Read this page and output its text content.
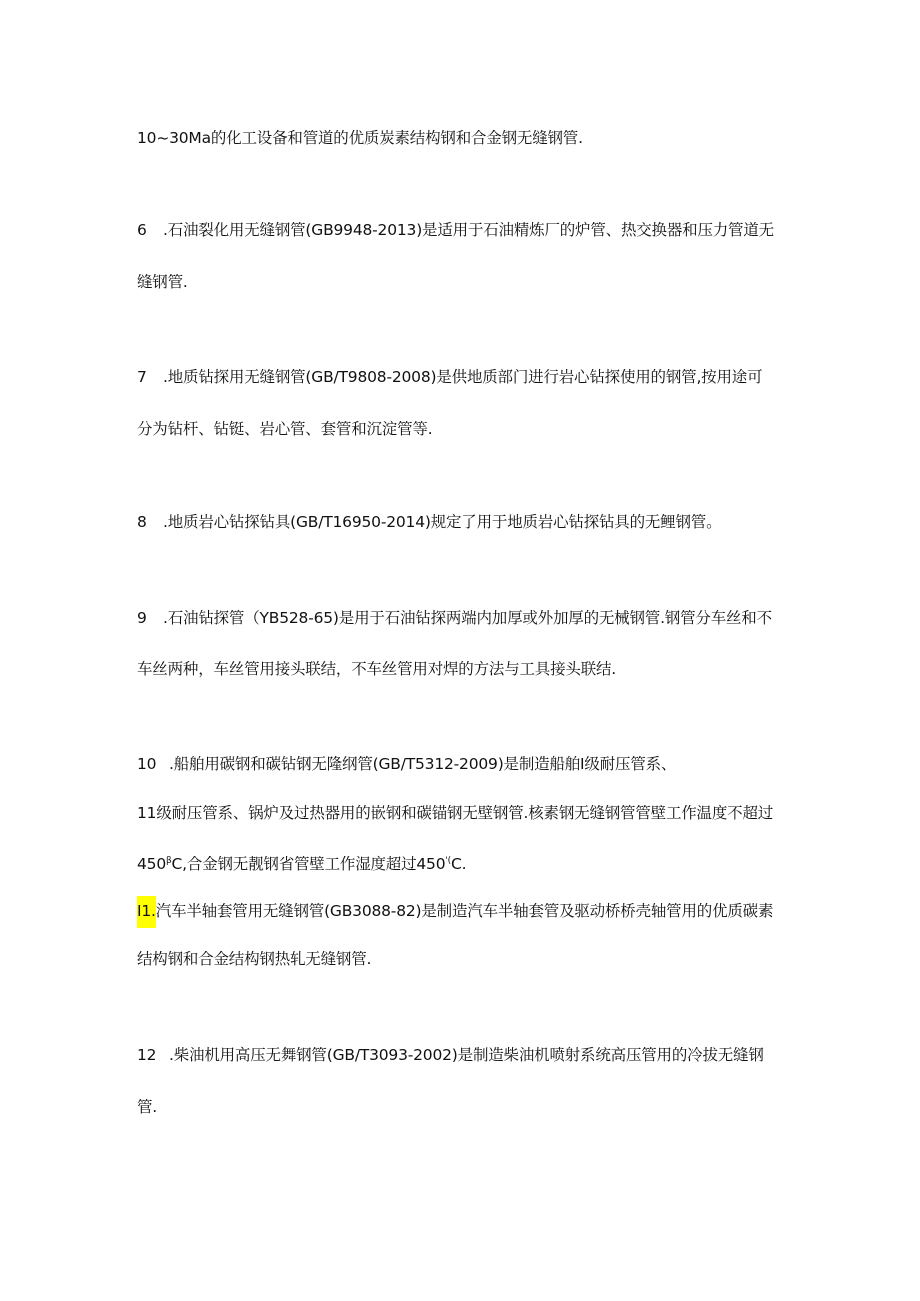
10~30Ma的化工设备和管道的优质炭素结构钢和合金钢无缝钢管.
6 .石油裂化用无缝钢管(GB9948-2013)是适用于石油精炼厂的炉管、热交换器和压力管道无
缝钢管.
7 .地质钻探用无缝钢管(GB/T9808-2008)是供地质部门进行岩心钻探使用的钢管,按用途可
分为钻杆、钻铤、岩心管、套管和沉淀管等.
8 .地质岩心钻探钻具(GB/T16950-2014)规定了用于地质岩心钻探钻具的无鲤钢管。
9 .石油钻探管（YB528-65)是用于石油钻探两端内加厚或外加厚的无械钢管.钢管分车丝和不
车丝两种，车丝管用接头联结，不车丝管用对焊的方法与工具接头联结.
10 .船舶用碳钢和碳钻钢无隆纲管(GB/T5312-2009)是制造船舶I级耐压管系、
11级耐压管系、锅炉及过热器用的嵌钢和碳锚钢无壁钢管.核素钢无缝钢管管壁工作温度不超过
$450^\beta C$,合金钢无靓钢省管壁工作湿度超过450'(C.
I1.汽车半轴套管用无缝钢管(GB3088-82)是制造汽车半轴套管及驱动桥桥壳轴管用的优质碳素
结构钢和合金结构钢热轧无缝钢管.
12 .柴油机用高压无舞钢管(GB/T3093-2002)是制造柴油机喷射系统高压管用的冷拔无缝钢
管.
